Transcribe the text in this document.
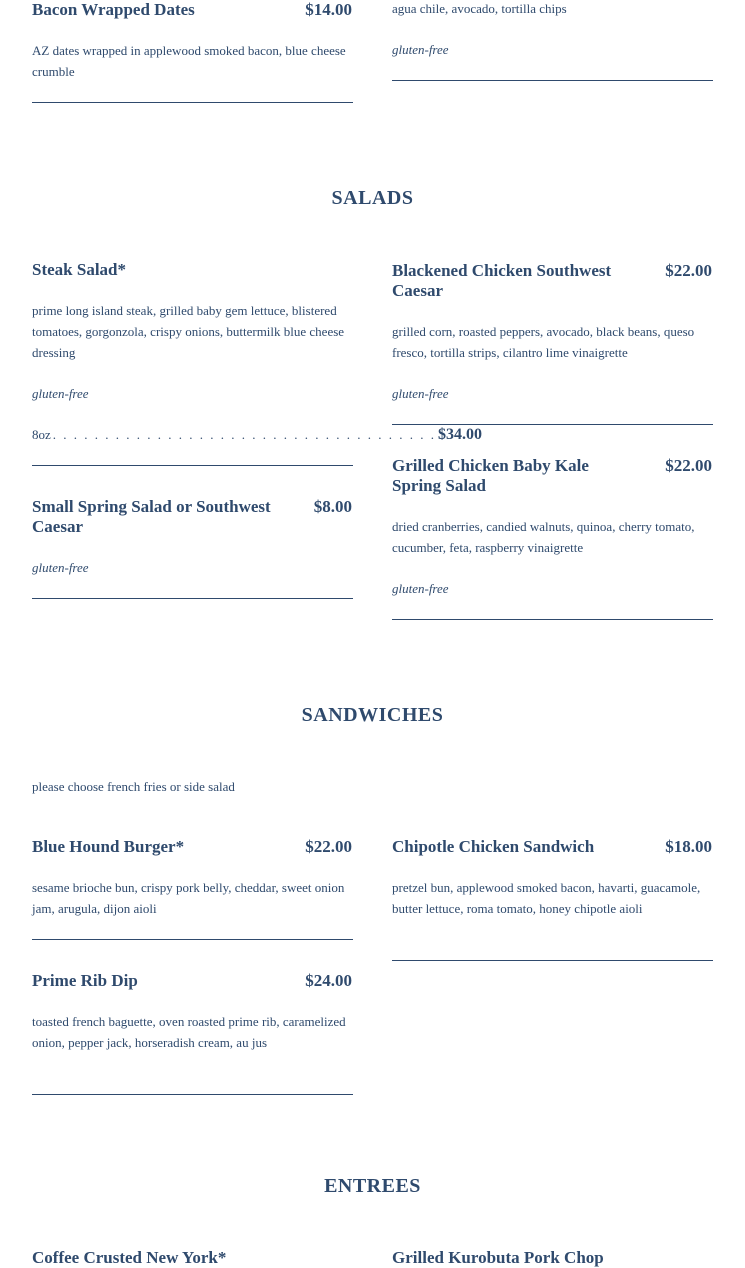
Bacon Wrapped Dates	$14.00
AZ dates wrapped in applewood smoked bacon, blue cheese crumble
agua chile, avocado, tortilla chips
gluten-free
SALADS
Steak Salad*
prime long island steak, grilled baby gem lettuce, blistered tomatoes, gorgonzola, crispy onions, buttermilk blue cheese dressing
gluten-free
8oz . . . . . . . . . . . . . . . . . . . . . . . . . . . . . . . . . . . . . $34.00
Small Spring Salad or Southwest Caesar
$8.00
gluten-free
Blackened Chicken Southwest Caesar
$22.00
grilled corn, roasted peppers, avocado, black beans, queso fresco, tortilla strips, cilantro lime vinaigrette
gluten-free
Grilled Chicken Baby Kale Spring Salad
$22.00
dried cranberries, candied walnuts, quinoa, cherry tomato, cucumber, feta, raspberry vinaigrette
gluten-free
SANDWICHES
please choose french fries or side salad
Blue Hound Burger*	$22.00
sesame brioche bun, crispy pork belly, cheddar, sweet onion jam, arugula, dijon aioli
Prime Rib Dip	$24.00
toasted french baguette, oven roasted prime rib, caramelized onion, pepper jack, horseradish cream, au jus
Chipotle Chicken Sandwich	$18.00
pretzel bun, applewood smoked bacon, havarti, guacamole, butter lettuce, roma tomato, honey chipotle aioli
ENTREES
Coffee Crusted New York*	Grilled Kurobuta Pork Chop
